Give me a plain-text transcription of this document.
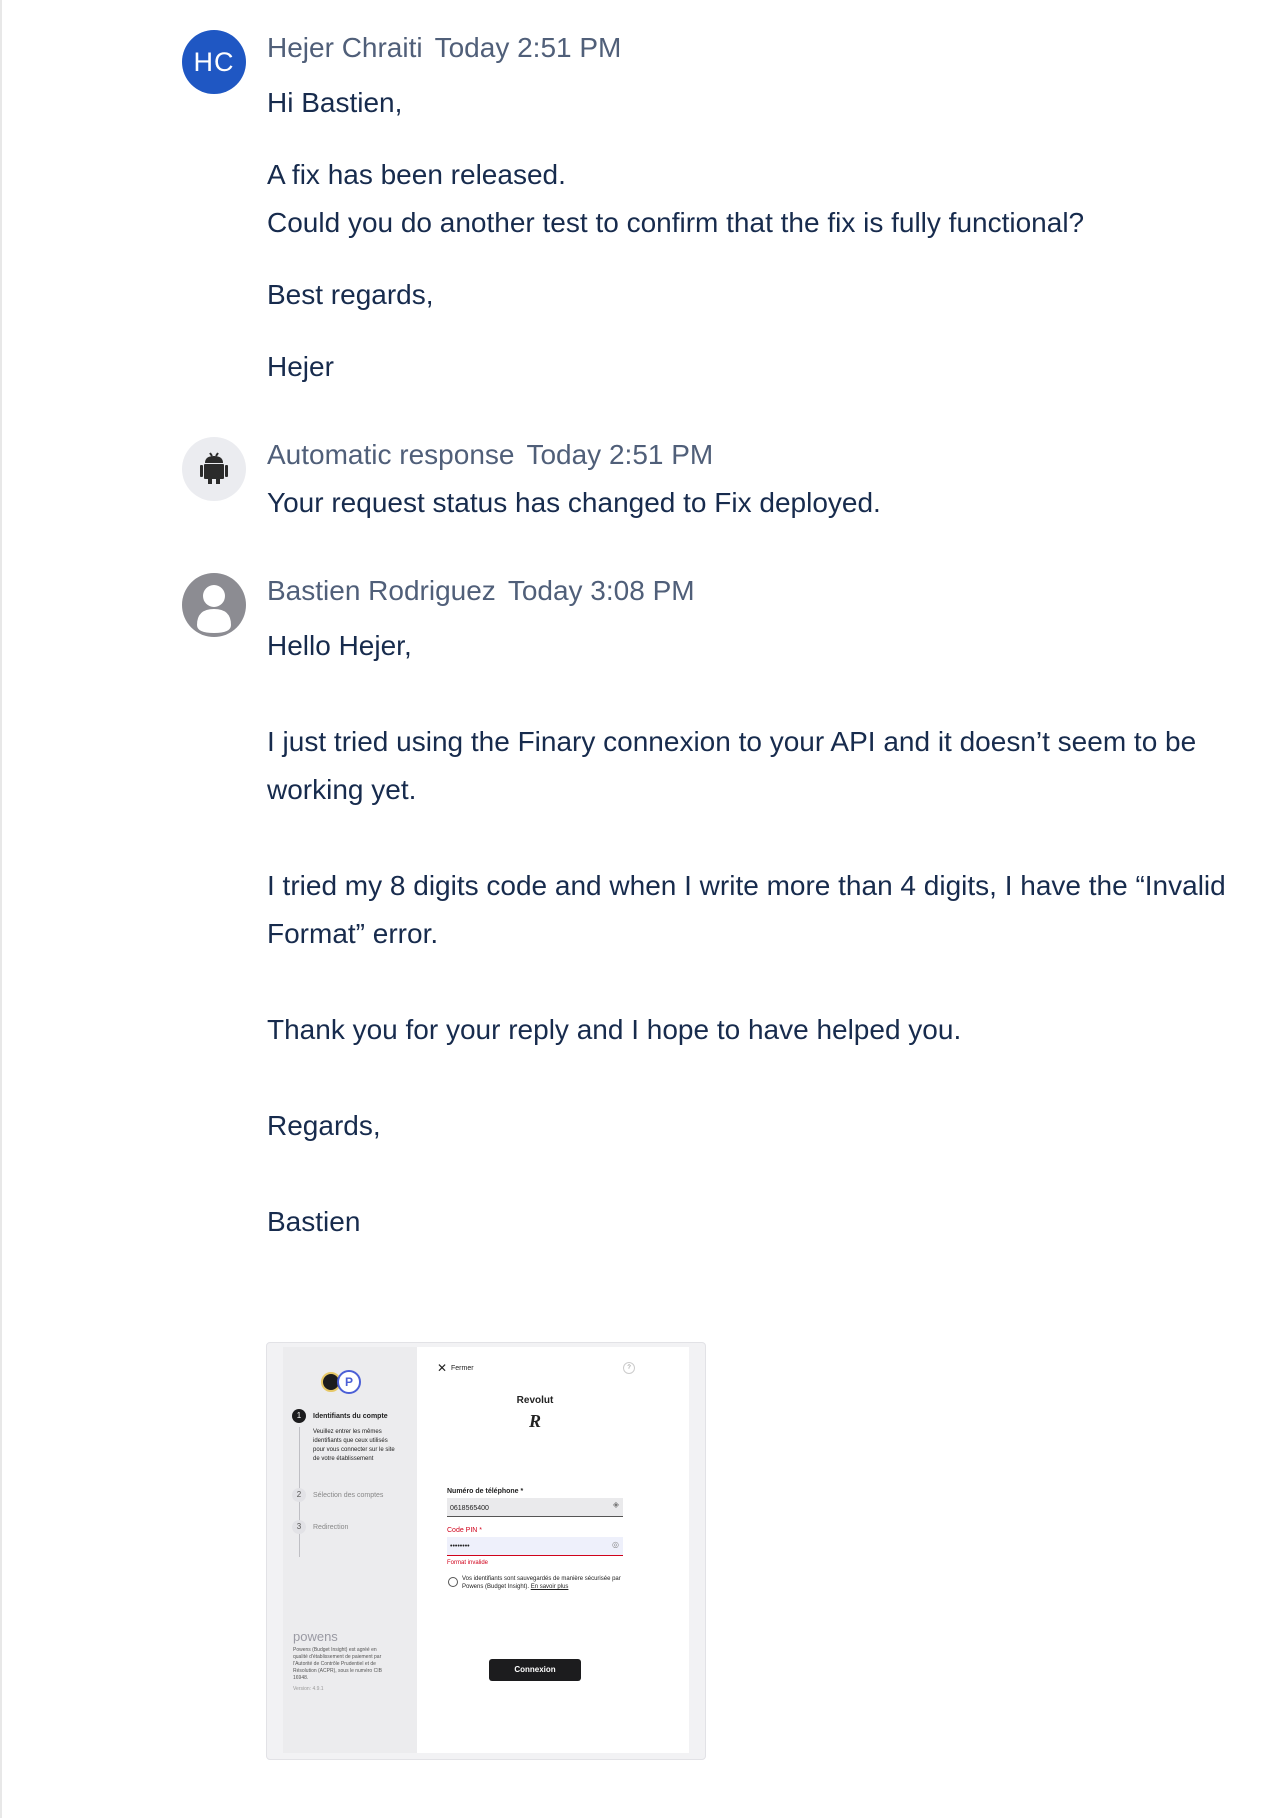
HC	Hejer Chraiti Today 2:51 PM

Hi Bastien,

A fix has been released.

Could you do another test to confirm that the fix is fully functional?

Best regards,

Hejer

Automatic response Today 2:51 PM

Your request status has changed to Fix deployed.

Bastien Rodriguez Today 3:08 PM

Hello Hejer,

I just tried using the Finary connexion to your API and it doesn’t seem to be working yet.

I tried my 8 digits code and when I write more than 4 digits, I have the “Invalid Format” error.

Thank you for your reply and I hope to have helped you.

Regards,

Bastien

P
1	Identifiants du compte
Veuillez entrer les mêmes identifiants que ceux utilisés pour vous connecter sur le site de votre établissement
2	Sélection des comptes
3	Redirection
powens
Powens (Budget Insight) est agréé en qualité d'établissement de paiement par l'Autorité de Contrôle Prudentiel et de Résolution (ACPR), sous le numéro CIB 16948.
Version: 4.9.1
✕ Fermer	?
Revolut
R
Numéro de téléphone *
0618565400	◈
Code PIN *
••••••••	◎
Format invalide
Vos identifiants sont sauvegardés de manière sécurisée par Powens (Budget Insight). En savoir plus
Connexion
